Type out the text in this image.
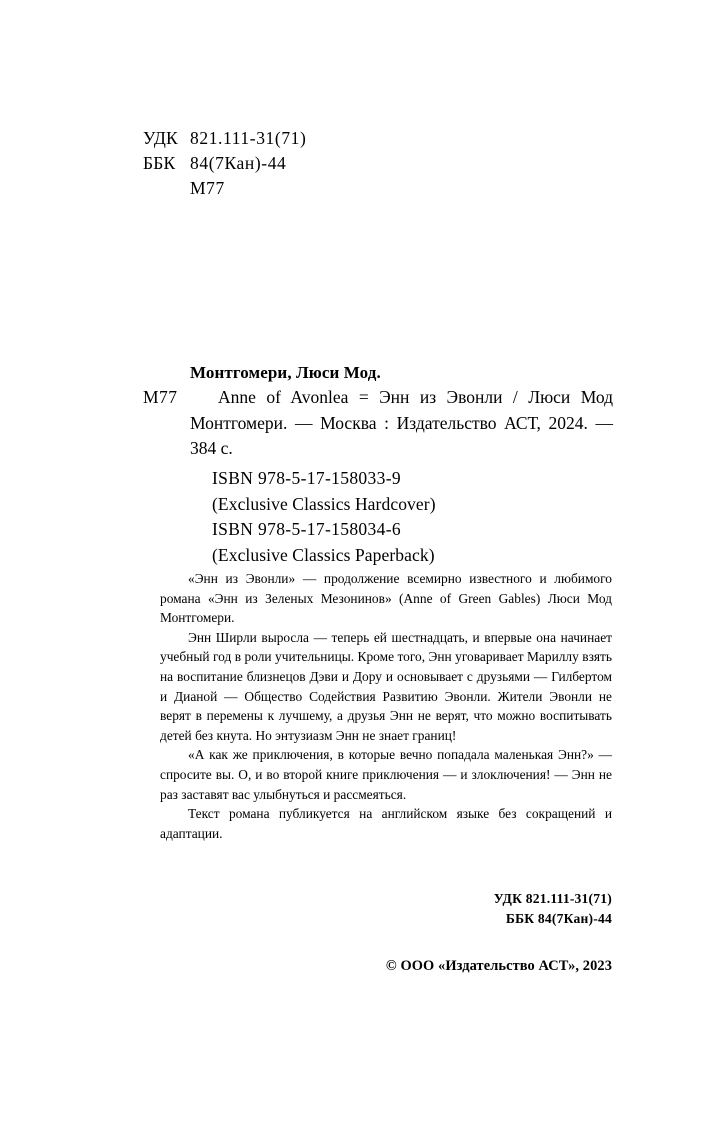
УДК 821.111-31(71)
ББК 84(7Кан)-44
М77
Монтгомери, Люси Мод.
М77	Anne of Avonlea = Энн из Эвонли / Люси Мод Монтгомери. — Москва : Издательство АСТ, 2024. — 384 с.
ISBN 978-5-17-158033-9
(Exclusive Classics Hardcover)
ISBN 978-5-17-158034-6
(Exclusive Classics Paperback)

«Энн из Эвонли» — продолжение всемирно известного и любимого романа «Энн из Зеленых Мезонинов» (Anne of Green Gables) Люси Мод Монтгомери.

Энн Ширли выросла — теперь ей шестнадцать, и впервые она начинает учебный год в роли учительницы. Кроме того, Энн уговаривает Мариллу взять на воспитание близнецов Дэви и Дору и основывает с друзьями — Гилбертом и Дианой — Общество Содействия Развитию Эвонли. Жители Эвонли не верят в перемены к лучшему, а друзья Энн не верят, что можно воспитывать детей без кнута. Но энтузиазм Энн не знает границ!

«А как же приключения, в которые вечно попадала маленькая Энн?» — спросите вы. О, и во второй книге приключения — и злоключения! — Энн не раз заставят вас улыбнуться и рассмеяться.

Текст романа публикуется на английском языке без сокращений и адаптации.

УДК 821.111-31(71)
ББК 84(7Кан)-44
© ООО «Издательство АСТ», 2023
